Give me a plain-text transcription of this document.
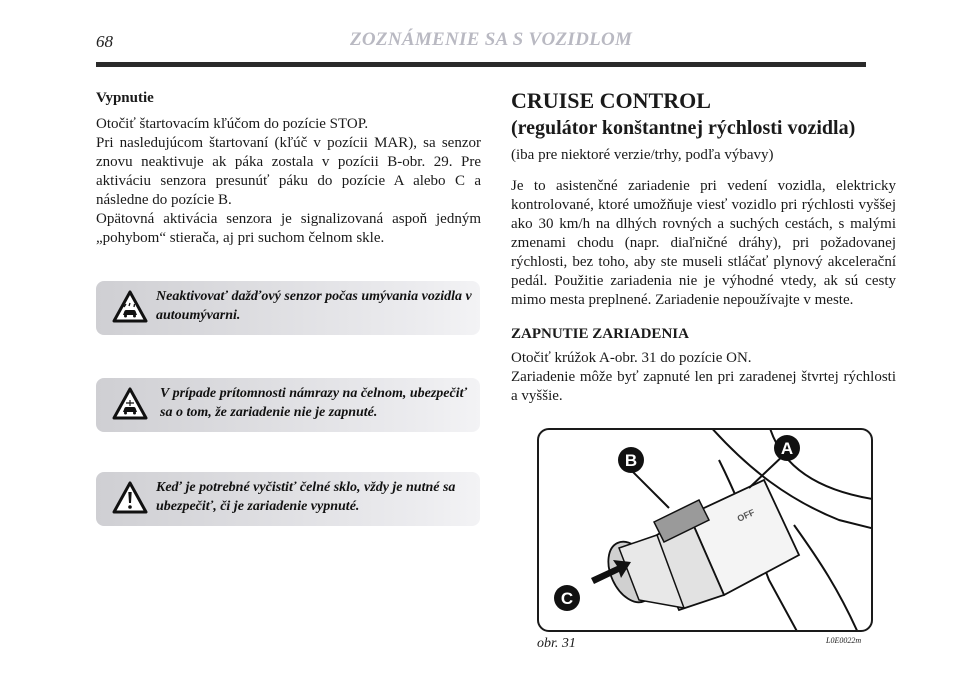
68	ZOZNÁMENIE SA S VOZIDLOM

Vypnutie

Otočiť štartovacím kľúčom do pozície STOP.

Pri nasledujúcom štartovaní (kľúč v pozícii MAR), sa senzor znovu neaktivuje ak páka zostala v pozícii B-obr. 29. Pre aktiváciu senzora presunúť páku do pozície A alebo C a následne do pozície B.

Opätovná aktivácia senzora je signalizovaná aspoň jedným „pohybom“ stierača, aj pri suchom čelnom skle.

Neaktivovať dažďový senzor počas umývania vozidla v autoumývarni.
V prípade prítomnosti námrazy na čelnom, ubezpečiť sa o tom, že zariadenie nie je zapnuté.
Keď je potrebné vyčistiť čelné sklo, vždy je nutné sa ubezpečiť, či je zariadenie vypnuté.

CRUISE CONTROL

(regulátor konštantnej rýchlosti vozidla)

(iba pre niektoré verzie/trhy, podľa výbavy)

Je to asistenčné zariadenie pri vedení vozidla, elektricky kontrolované, ktoré umožňuje viesť vozidlo pri rýchlosti vyššej ako 30 km/h na dlhých rovných a suchých cestách, s malými zmenami chodu (napr. diaľničné dráhy), pri požadovanej rýchlosti, bez toho, aby ste museli stláčať plynový akcelerační pedál. Použitie zariadenia nie je výhodné vtedy, ak sú cesty mimo mesta preplnené. Zariadenie nepoužívajte v meste.

ZAPNUTIE ZARIADENIA

Otočiť krúžok A-obr. 31 do pozície ON.

Zariadenie môže byť zapnuté len pri zaradenej štvrtej rýchlosti a vyššie.

OFF
B
A
C
obr. 31	L0E0022m
